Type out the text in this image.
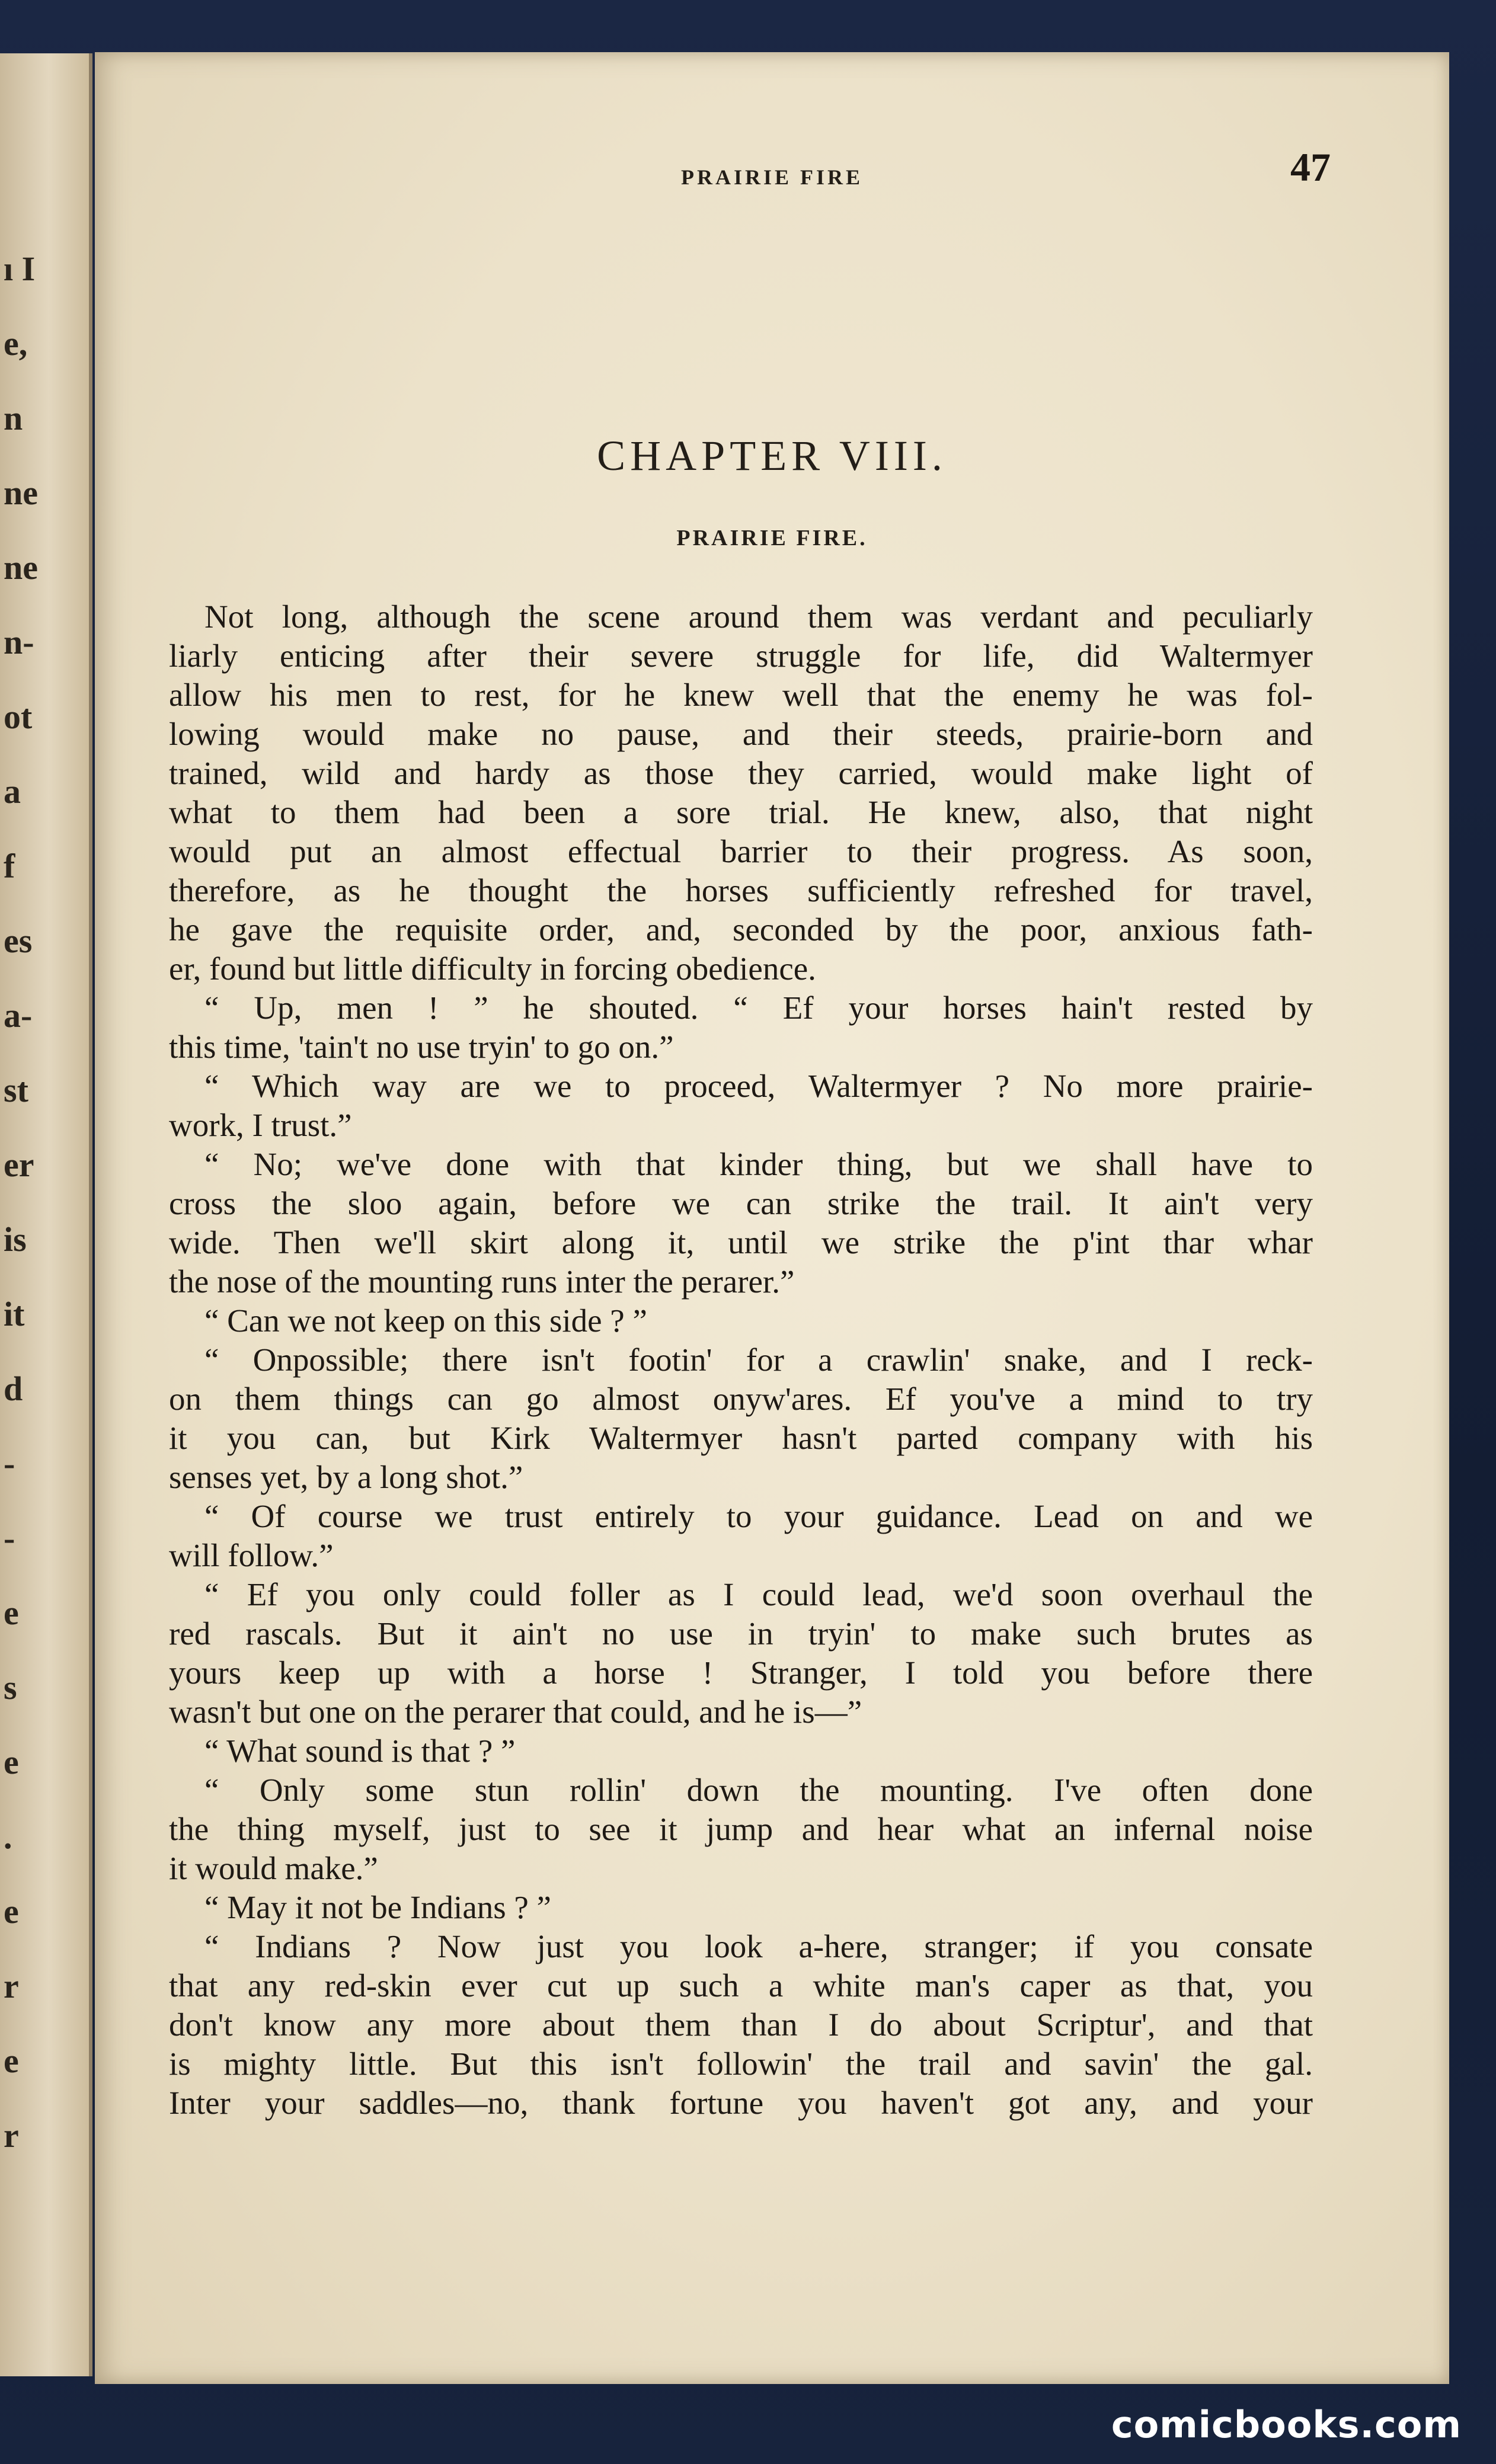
ı I
e,
n
ne
ne
n-
ot
a
f
es
a-
st
er
is
it
d
-
-
e
s
e
.
e
r
e
r
PRAIRIE FIRE	47
CHAPTER VIII.
PRAIRIE FIRE.
Not long, although the scene around them was verdant and peculiarly
liarly enticing after their severe struggle for life, did Waltermyer
allow his men to rest, for he knew well that the enemy he was fol-
lowing would make no pause, and their steeds, prairie-born and
trained, wild and hardy as those they carried, would make light of
what to them had been a sore trial. He knew, also, that night
would put an almost effectual barrier to their progress. As soon,
therefore, as he thought the horses sufficiently refreshed for travel,
he gave the requisite order, and, seconded by the poor, anxious fath-
er, found but little difficulty in forcing obedience.
“ Up, men ! ” he shouted. “ Ef your horses hain't rested by
this time, 'tain't no use tryin' to go on.”
“ Which way are we to proceed, Waltermyer ? No more prairie-
work, I trust.”
“ No; we've done with that kinder thing, but we shall have to
cross the sloo again, before we can strike the trail. It ain't very
wide. Then we'll skirt along it, until we strike the p'int thar whar
the nose of the mounting runs inter the perarer.”
“ Can we not keep on this side ? ”
“ Onpossible; there isn't footin' for a crawlin' snake, and I reck-
on them things can go almost onyw'ares. Ef you've a mind to try
it you can, but Kirk Waltermyer hasn't parted company with his
senses yet, by a long shot.”
“ Of course we trust entirely to your guidance. Lead on and we
will follow.”
“ Ef you only could foller as I could lead, we'd soon overhaul the
red rascals. But it ain't no use in tryin' to make such brutes as
yours keep up with a horse ! Stranger, I told you before there
wasn't but one on the perarer that could, and he is—”
“ What sound is that ? ”
“ Only some stun rollin' down the mounting. I've often done
the thing myself, just to see it jump and hear what an infernal noise
it would make.”
“ May it not be Indians ? ”
“ Indians ? Now just you look a-here, stranger; if you consate
that any red-skin ever cut up such a white man's caper as that, you
don't know any more about them than I do about Scriptur', and that
is mighty little. But this isn't followin' the trail and savin' the gal.
Inter your saddles—no, thank fortune you haven't got any, and your
comicbooks.com
